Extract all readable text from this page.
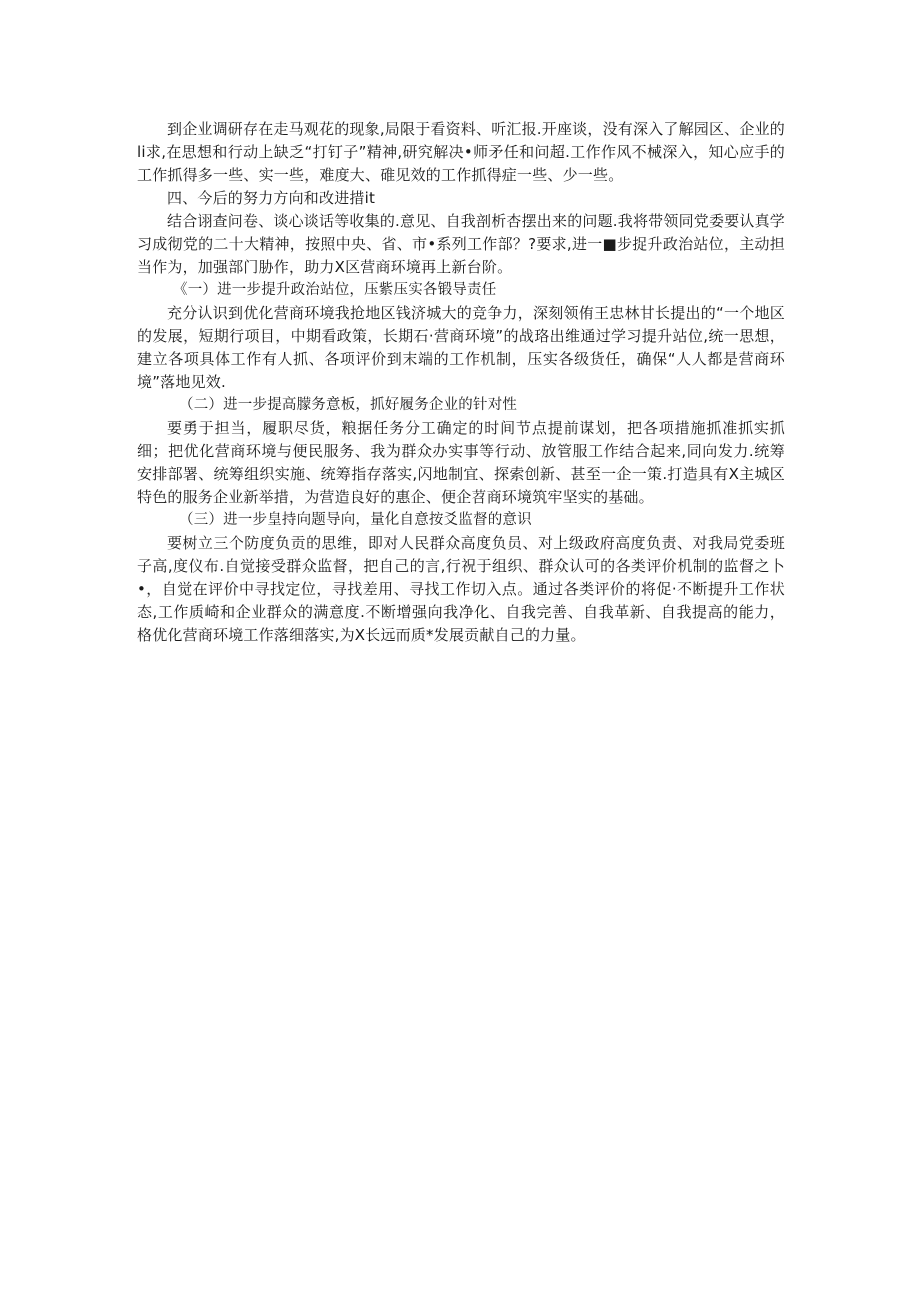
到企业调研存在走马观花的现象,局限于看资料、听汇报.开座谈，没有深入了解园区、企业的li求,在思想和行动上缺乏“打钉子”精神,研究解决•师矛任和问超.工作作风不械深入，知心应手的工作抓得多一些、实一些，难度大、碓见效的工作抓得症一些、少一些。

四、今后的努力方向和改进措it

结合诩查问卷、谈心谈话等收集的.意见、自我剖析杏摆出来的问题.我将带领同党委要认真学习成彻党的二十大精神，按照中央、省、市•系列工作部？?要求,进一■步捉升政治站位，主动担当作为，加强部门胁作，助力X区营商环境再上新台阶。

《一）进一步提升政治站位，压紫压实各锻导责任

充分认识到优化营商环境我抢地区钱济城大的竞争力，深刻领侑王忠林甘长提出的“一个地区的发展，短期行项目，中期看政策，长期石·营商环境”的战珞出维通过学习提升站位,统一思想，建立各项具体工作有人抓、各项评价到末端的工作机制，压实各级货任，确保“人人都是营商环境”落地见效.

（二）进一步提高朦务意板，抓好履务企业的针对性

要勇于担当，履职尽货，粮据任务分工确定的时间节点提前谋划，把各项措施抓准抓实抓细；把优化营商环境与便民服务、我为群众办实事等行动、放管服工作结合起来,同向发力.统筹安排部署、统筹组织实施、统筹指存落实,闪地制宜、探索创新、甚至一企一策.打造具有X主城区特色的服务企业新举措，为营造良好的惠企、便企苕商环境筑牢坚实的基础。

（三）进一步皇持向题导向，量化自意按爻监督的意识

要树立三个防度负贡的思维，即对人民群众高度负员、对上级政府高度负责、对我局党委班子高,度仪布.自觉接受群众监督，把自己的言,行祝于组织、群众认可的各类评价机制的监督之卜•，自觉在评价中寻找定位，寻找差用、寻找工作切入点。通过各类评价的将促·不断提升工作状态,工作质崎和企业群众的满意度.不断增强向我净化、自我完善、自我革新、自我提高的能力，格优化营商环境工作落细落实,为X长远而质*发展贡献自己的力量。
